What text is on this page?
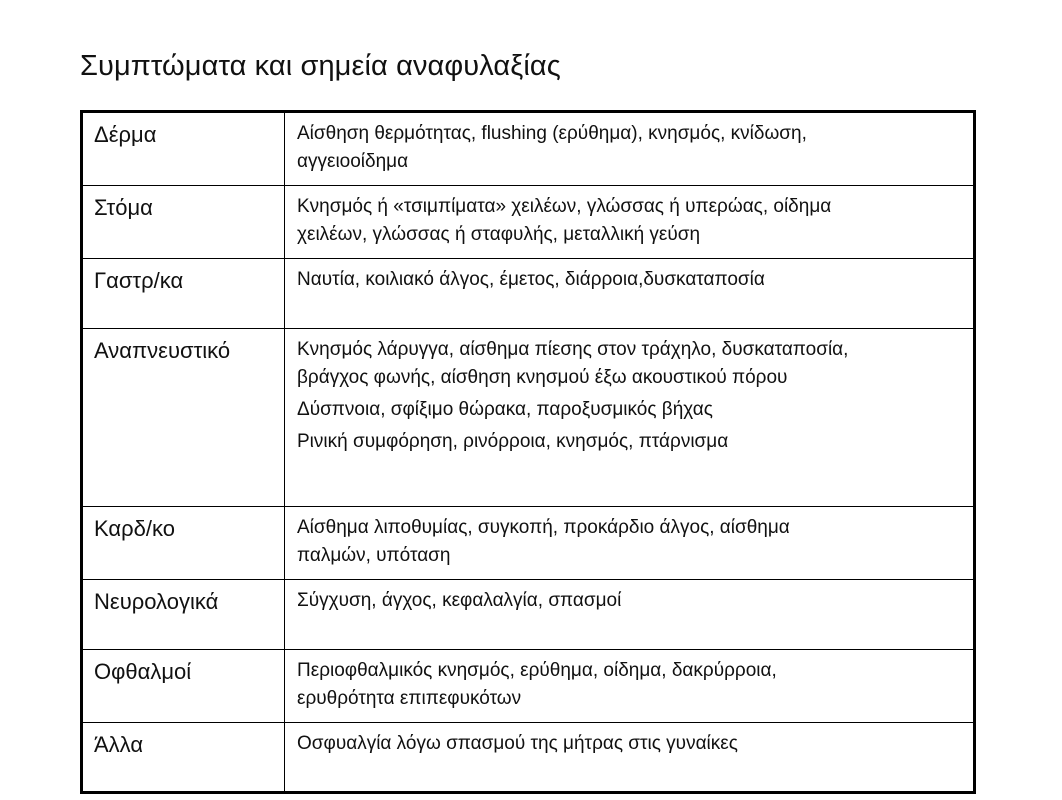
Συμπτώματα και σημεία αναφυλαξίας
Δέρμα	Αίσθηση θερμότητας, flushing (ερύθημα), κνησμός, κνίδωση,
αγγειοοίδημα

Στόμα	Κνησμός ή «τσιμπίματα» χειλέων, γλώσσας ή υπερώας, οίδημα
χειλέων, γλώσσας ή σταφυλής, μεταλλική γεύση

Γαστρ/κα	Ναυτία, κοιλιακό άλγος, έμετος, διάρροια,δυσκαταποσία

Αναπνευστικό	Κνησμός λάρυγγα, αίσθημα πίεσης στον τράχηλο, δυσκαταποσία,
βράγχος φωνής, αίσθηση κνησμού έξω ακουστικού πόρου
Δύσπνοια, σφίξιμο θώρακα, παροξυσμικός βήχας
Ρινική συμφόρηση, ρινόρροια, κνησμός, πτάρνισμα

Καρδ/κο	Αίσθημα λιποθυμίας, συγκοπή, προκάρδιο άλγος, αίσθημα
παλμών, υπόταση

Νευρολογικά	Σύγχυση, άγχος, κεφαλαλγία, σπασμοί

Οφθαλμοί	Περιοφθαλμικός κνησμός, ερύθημα, οίδημα, δακρύρροια,
ερυθρότητα επιπεφυκότων

Άλλα	Οσφυαλγία λόγω σπασμού της μήτρας στις γυναίκες
